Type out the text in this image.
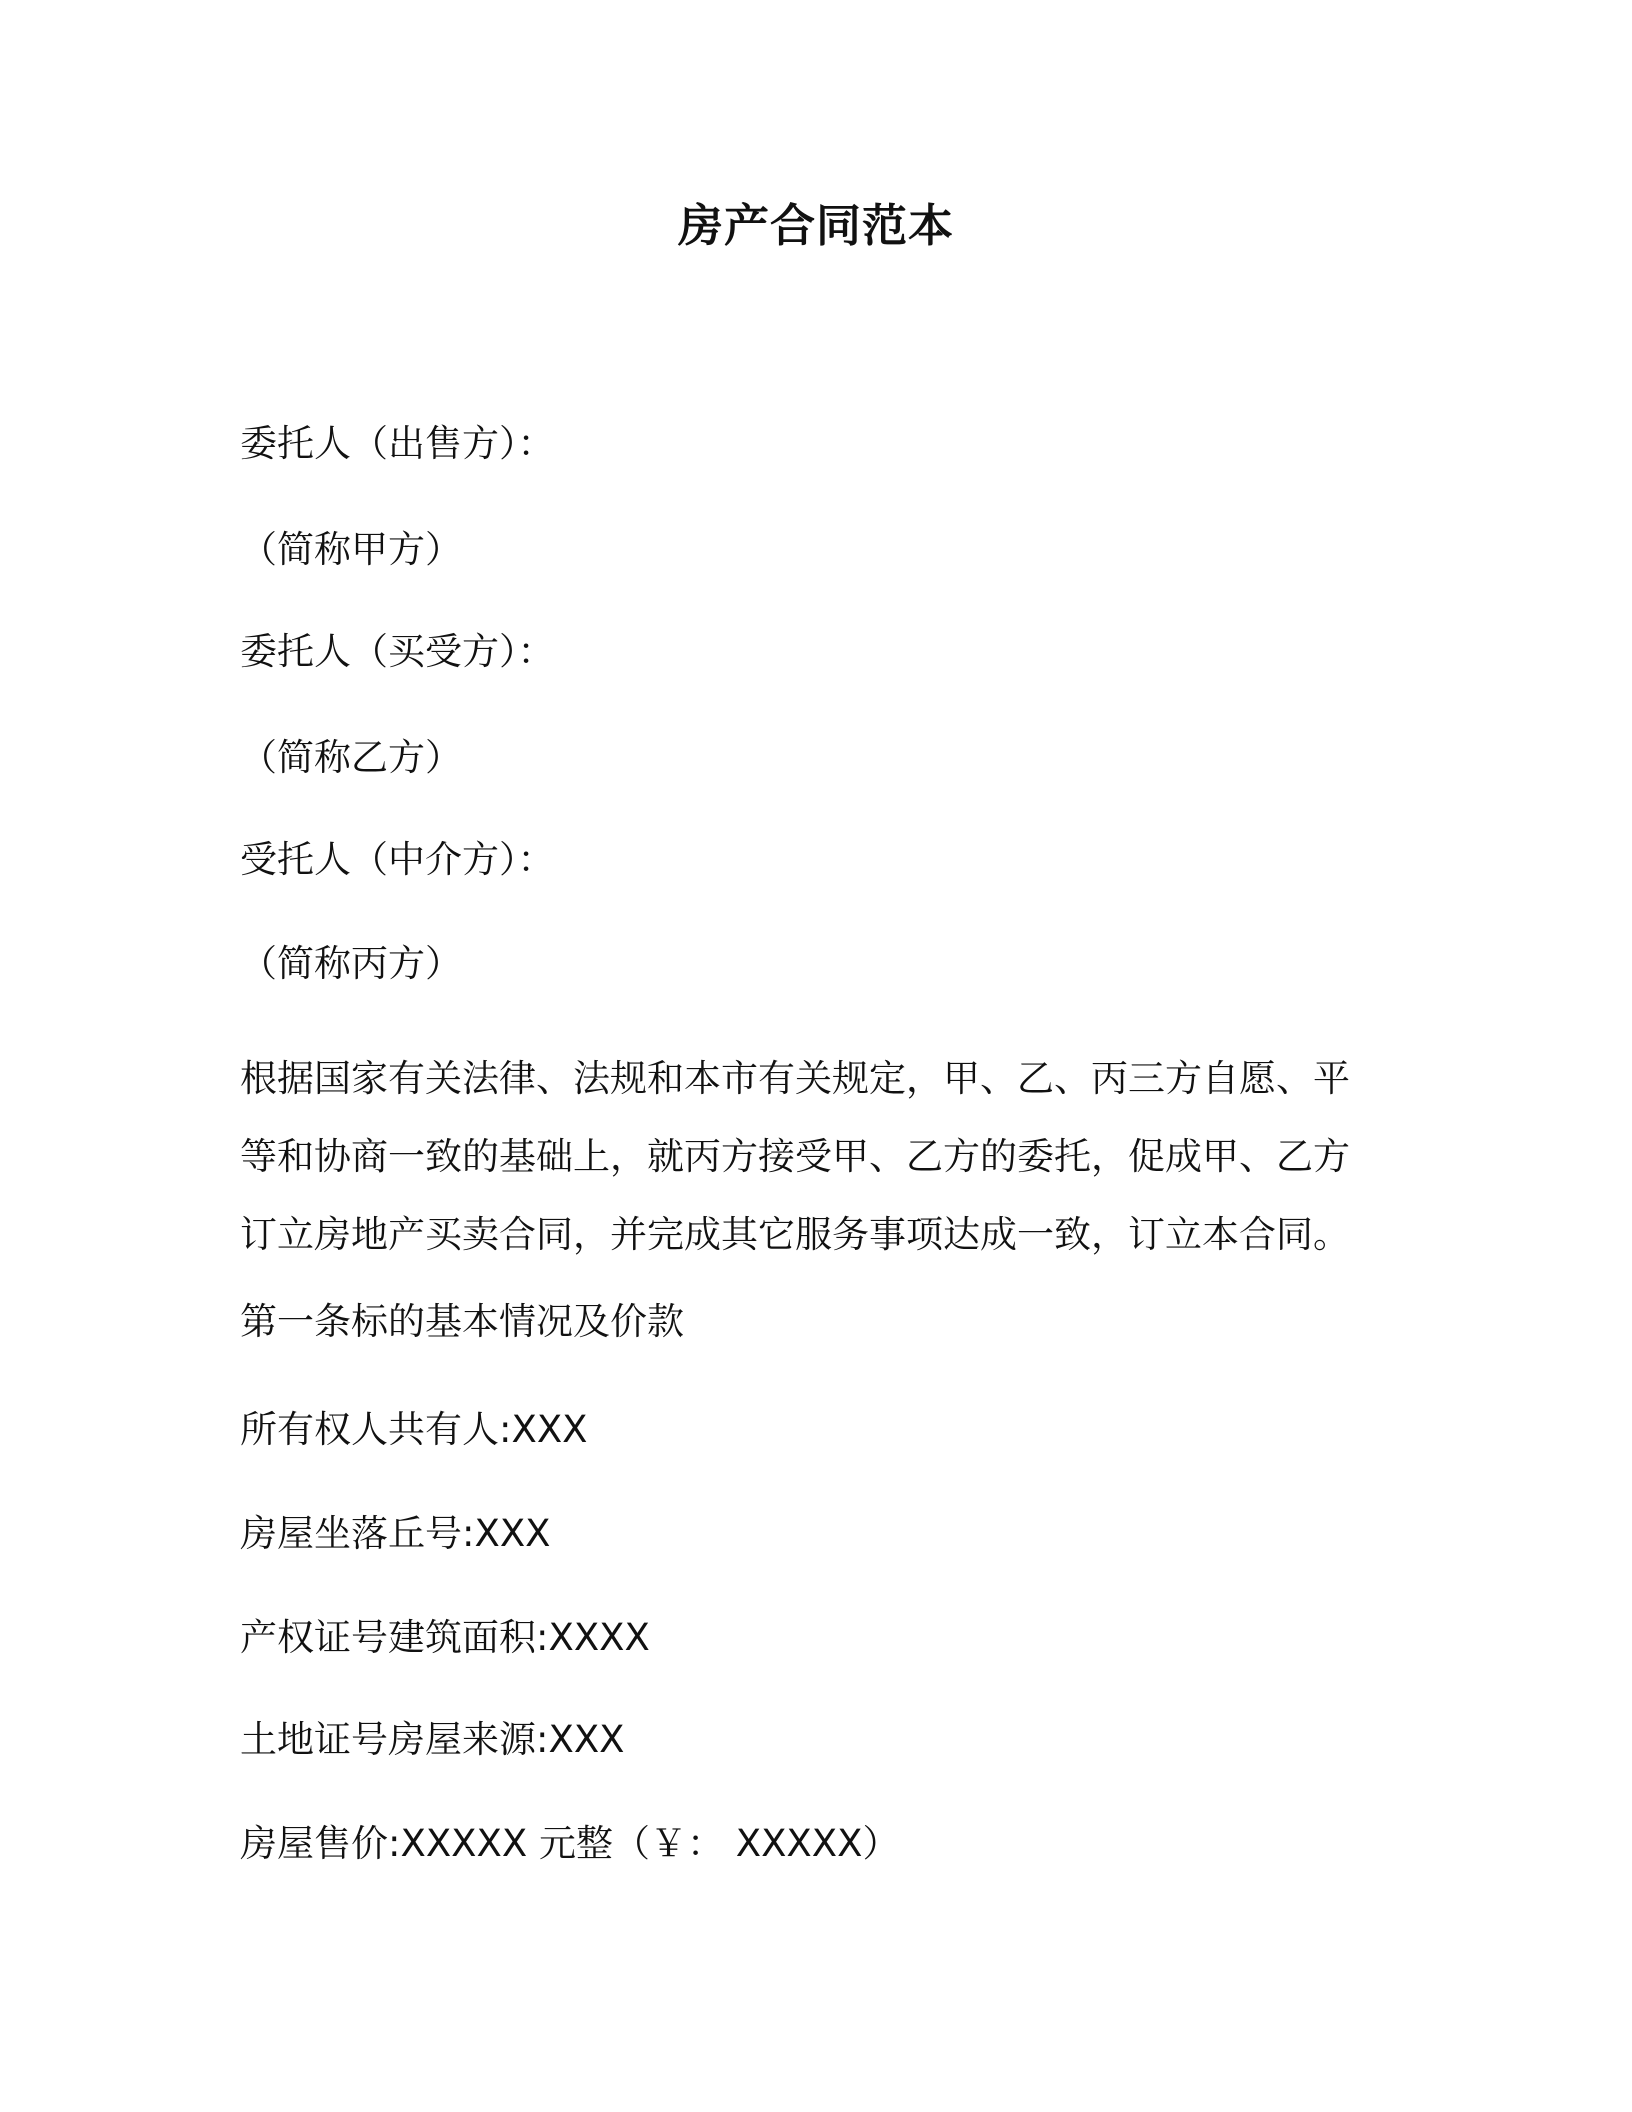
房产合同范本
委托人（出售方）：
（简称甲方）
委托人（买受方）：
（简称乙方）
受托人（中介方）：
（简称丙方）
根据国家有关法律、法规和本市有关规定，甲、乙、丙三方自愿、平
等和协商一致的基础上，就丙方接受甲、乙方的委托，促成甲、乙方
订立房地产买卖合同，并完成其它服务事项达成一致，订立本合同。
第一条标的基本情况及价款
所有权人共有人:XXX
房屋坐落丘号:XXX
产权证号建筑面积:XXXX
土地证号房屋来源:XXX
房屋售价:XXXXX 元整（￥： XXXXX）
